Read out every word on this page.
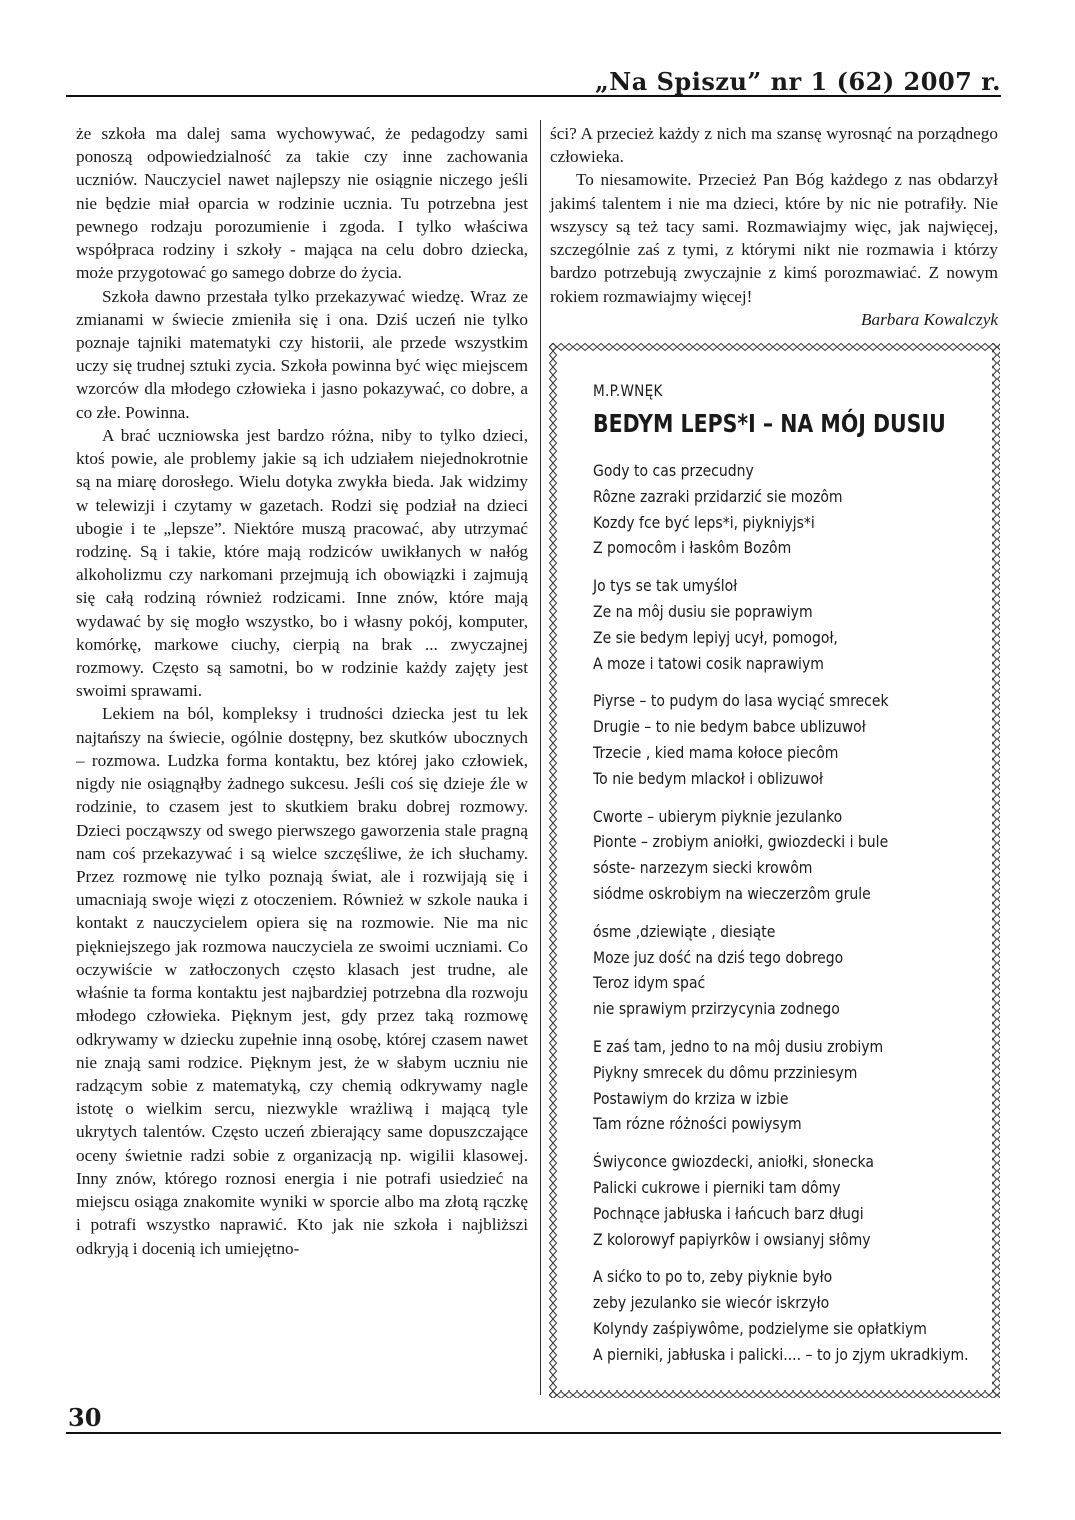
„Na Spiszu” nr 1 (62) 2007 r.

że szkoła ma dalej sama wychowywać, że pedagodzy sami ponoszą odpowiedzialność za takie czy inne zachowania uczniów. Nauczyciel nawet najlepszy nie osiągnie niczego jeśli nie będzie miał oparcia w rodzinie ucznia. Tu potrzebna jest pewnego rodzaju porozumienie i zgoda. I tylko właściwa współpraca rodziny i szkoły - mająca na celu dobro dziecka, może przygotować go samego dobrze do życia.

Szkoła dawno przestała tylko przekazywać wiedzę. Wraz ze zmianami w świecie zmieniła się i ona. Dziś uczeń nie tylko poznaje tajniki matematyki czy historii, ale przede wszystkim uczy się trudnej sztuki zycia. Szkoła powinna być więc miejscem wzorców dla młodego człowieka i jasno pokazywać, co dobre, a co złe. Powinna.

A brać uczniowska jest bardzo różna, niby to tylko dzieci, ktoś powie, ale problemy jakie są ich udziałem niejednokrotnie są na miarę dorosłego. Wielu dotyka zwykła bieda. Jak widzimy w telewizji i czytamy w gazetach. Rodzi się podział na dzieci ubogie i te „lepsze”. Niektóre muszą pracować, aby utrzymać rodzinę. Są i takie, które mają rodziców uwikłanych w nałóg alkoholizmu czy narkomani przejmują ich obowiązki i zajmują się całą rodziną również rodzicami. Inne znów, które mają wydawać by się mogło wszystko, bo i własny pokój, komputer, komórkę, markowe ciuchy, cierpią na brak ... zwyczajnej rozmowy. Często są samotni, bo w rodzinie każdy zajęty jest swoimi sprawami.

Lekiem na ból, kompleksy i trudności dziecka jest tu lek najtańszy na świecie, ogólnie dostępny, bez skutków ubocznych – rozmowa. Ludzka forma kontaktu, bez której jako człowiek, nigdy nie osiągnąłby żadnego sukcesu. Jeśli coś się dzieje źle w rodzinie, to czasem jest to skutkiem braku dobrej rozmowy. Dzieci począwszy od swego pierwszego gaworzenia stale pragną nam coś przekazywać i są wielce szczęśliwe, że ich słuchamy. Przez rozmowę nie tylko poznają świat, ale i rozwijają się i umacniają swoje więzi z otoczeniem. Również w szkole nauka i kontakt z nauczycielem opiera się na rozmowie. Nie ma nic piękniejszego jak rozmowa nauczyciela ze swoimi uczniami. Co oczywiście w zatłoczonych często klasach jest trudne, ale właśnie ta forma kontaktu jest najbardziej potrzebna dla rozwoju młodego człowieka. Pięknym jest, gdy przez taką rozmowę odkrywamy w dziecku zupełnie inną osobę, której czasem nawet nie znają sami rodzice. Pięknym jest, że w słabym uczniu nie radzącym sobie z matematyką, czy chemią odkrywamy nagle istotę o wielkim sercu, niezwykle wrażliwą i mającą tyle ukrytych talentów. Często uczeń zbierający same dopuszczające oceny świetnie radzi sobie z organizacją np. wigilii klasowej. Inny znów, którego roznosi energia i nie potrafi usiedzieć na miejscu osiąga znakomite wyniki w sporcie albo ma złotą rączkę i potrafi wszystko naprawić. Kto jak nie szkoła i najbliższi odkryją i docenią ich umiejętno-

ści? A przecież każdy z nich ma szansę wyrosnąć na porządnego człowieka.

To niesamowite. Przecież Pan Bóg każdego z nas obdarzył jakimś talentem i nie ma dzieci, które by nic nie potrafiły. Nie wszyscy są też tacy sami. Rozmawiajmy więc, jak najwięcej, szczególnie zaś z tymi, z którymi nikt nie rozmawia i którzy bardzo potrzebują zwyczajnie z kimś porozmawiać. Z nowym rokiem rozmawiajmy więcej!

Barbara Kowalczyk

M.P.WNĘK

BEDYM LEPS*I – NA MÓJ DUSIU
Gody to cas przecudny
Rôzne zazraki przidarzić sie mozôm
Kozdy fce być leps*i, piykniyjs*i
Z pomocôm i łaskôm Bozôm
Jo tys se tak umyśloł
Ze na môj dusiu sie poprawiym
Ze sie bedym lepiyj ucył, pomogoł,
A moze i tatowi cosik naprawiym
Piyrse – to pudym do lasa wyciąć smrecek
Drugie – to nie bedym babce ublizuwoł
Trzecie , kied mama kołoce piecôm
To nie bedym mlackoł i oblizuwoł
Cworte – ubierym piyknie jezulanko
Pionte – zrobiym aniołki, gwiozdecki i bule
sóste- narzezym siecki krowôm
siódme oskrobiym na wieczerzôm grule
ósme ,dziewiąte , diesiąte
Moze juz dość na dziś tego dobrego
Teroz idym spać
nie sprawiym przirzycynia zodnego
E zaś tam, jedno to na môj dusiu zrobiym
Piykny smrecek du dômu przziniesym
Postawiym do krziza w izbie
Tam rózne różności powiysym
Świyconce gwiozdecki, aniołki, słonecka
Palicki cukrowe i pierniki tam dômy
Pochnące jabłuska i łańcuch barz długi
Z kolorowyf papiyrkôw i owsianyj słômy
A sićko to po to, zeby piyknie było
zeby jezulanko sie wiecór iskrzyło
Kolyndy zaśpiywôme, podzielyme sie opłatkiym
A pierniki, jabłuska i palicki.... – to jo zjym ukradkiym.
30
